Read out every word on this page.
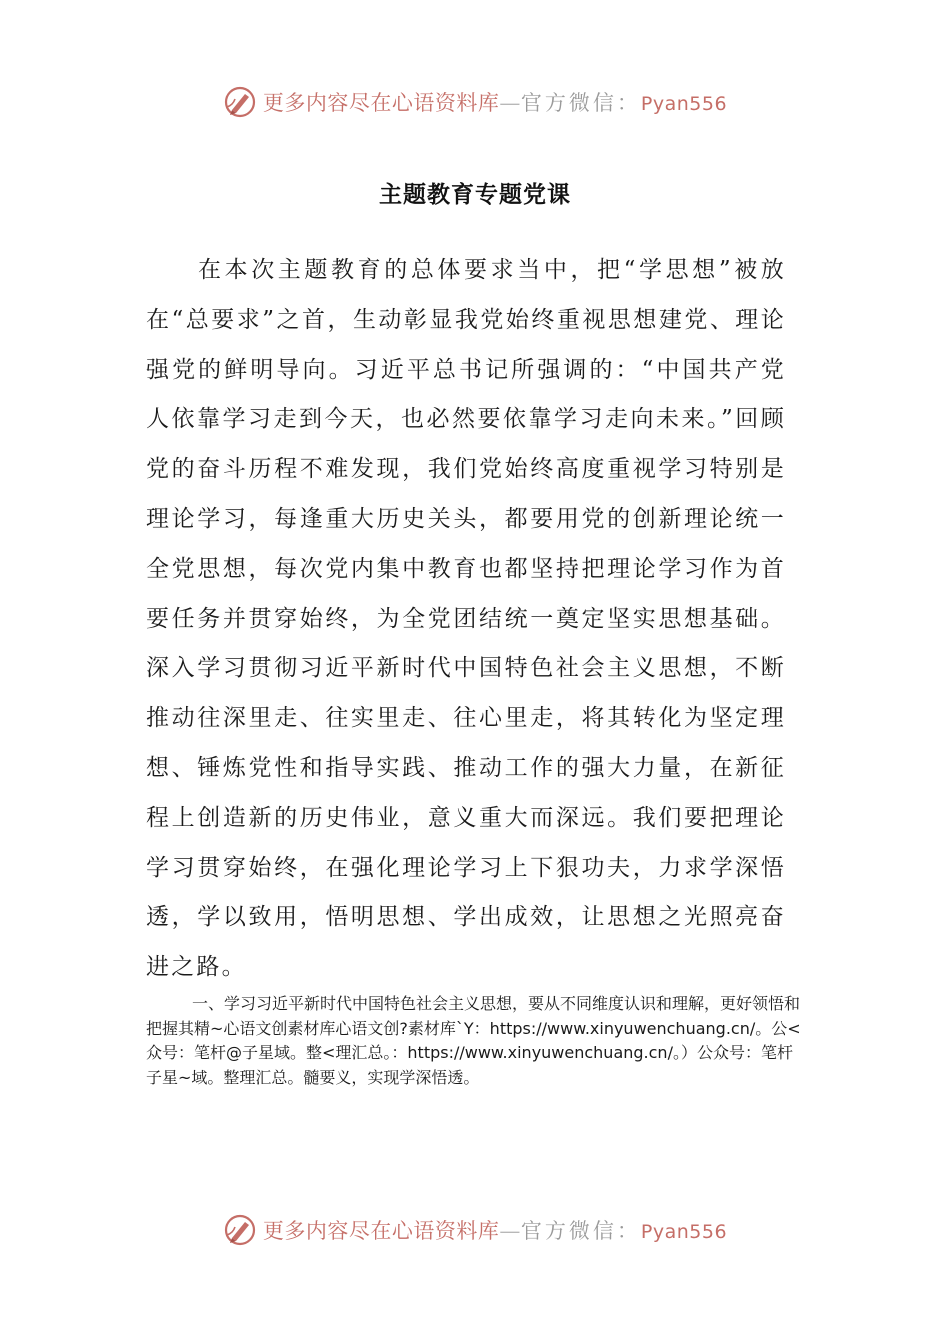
更多内容尽在心语资料库—官方微信：Pyan556
主题教育专题党课

在本次主题教育的总体要求当中，把“学思想”被放在“总要求”之首，生动彰显我党始终重视思想建党、理论强党的鲜明导向。习近平总书记所强调的：“中国共产党人依靠学习走到今天，也必然要依靠学习走向未来。”回顾党的奋斗历程不难发现，我们党始终高度重视学习特别是理论学习，每逢重大历史关头，都要用党的创新理论统一全党思想，每次党内集中教育也都坚持把理论学习作为首要任务并贯穿始终，为全党团结统一奠定坚实思想基础。深入学习贯彻习近平新时代中国特色社会主义思想，不断推动往深里走、往实里走、往心里走，将其转化为坚定理想、锤炼党性和指导实践、推动工作的强大力量，在新征程上创造新的历史伟业，意义重大而深远。我们要把理论学习贯穿始终，在强化理论学习上下狠功夫，力求学深悟透，学以致用，悟明思想、学出成效，让思想之光照亮奋进之路。

一、学习习近平新时代中国特色社会主义思想，要从不同维度认识和理解，更好领悟和把握其精~心语文创素材库心语文创?素材库`Y：https://www.xinyuwenchuang.cn/。公<众号：笔杆@子星域。整<理汇总。：https://www.xinyuwenchuang.cn/。）公众号：笔杆子星~域。整理汇总。髓要义，实现学深悟透。

更多内容尽在心语资料库—官方微信：Pyan556
